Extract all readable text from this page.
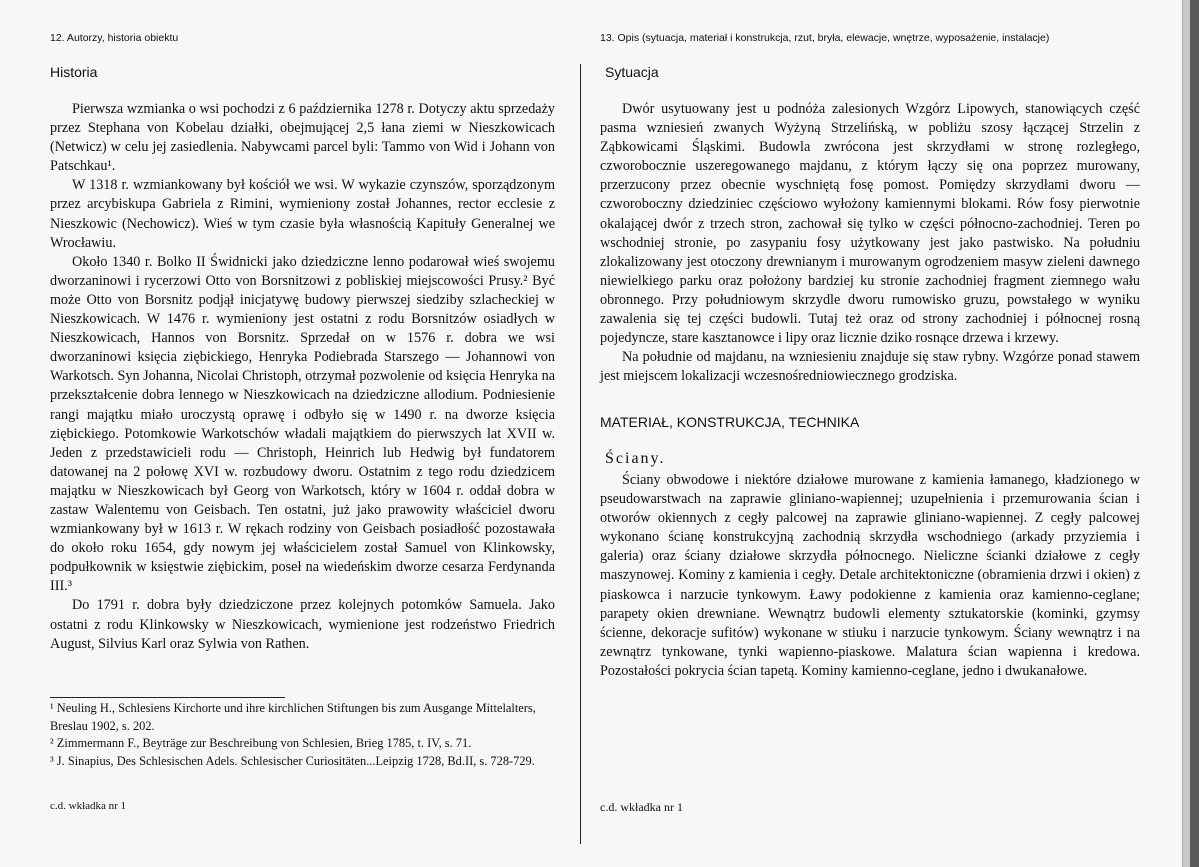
12. Autorzy, historia obiektu
Historia

Pierwsza wzmianka o wsi pochodzi z 6 października 1278 r. Dotyczy aktu sprzedaży przez Stephana von Kobelau działki, obejmującej 2,5 łana ziemi w Nieszkowicach (Netwicz) w celu jej zasiedlenia. Nabywcami parcel byli: Tammo von Wid i Johann von Patschkau¹.

W 1318 r. wzmiankowany był kościół we wsi. W wykazie czynszów, sporządzonym przez arcybiskupa Gabriela z Rimini, wymieniony został Johannes, rector ecclesie z Nieszkowic (Nechowicz). Wieś w tym czasie była własnością Kapituły Generalnej we Wrocławiu.

Około 1340 r. Bolko II Świdnicki jako dziedziczne lenno podarował wieś swojemu dworzaninowi i rycerzowi Otto von Borsnitzowi z pobliskiej miejscowości Prusy.² Być może Otto von Borsnitz podjął inicjatywę budowy pierwszej siedziby szlacheckiej w Nieszkowicach. W 1476 r. wymieniony jest ostatni z rodu Borsnitzów osiadłych w Nieszkowicach, Hannos von Borsnitz. Sprzedał on w 1576 r. dobra we wsi dworzaninowi księcia ziębickiego, Henryka Podiebrada Starszego — Johannowi von Warkotsch. Syn Johanna, Nicolai Christoph, otrzymał pozwolenie od księcia Henryka na przekształcenie dobra lennego w Nieszkowicach na dziedziczne allodium. Podniesienie rangi majątku miało uroczystą oprawę i odbyło się w 1490 r. na dworze księcia ziębickiego. Potomkowie Warkotschów władali majątkiem do pierwszych lat XVII w. Jeden z przedstawicieli rodu — Christoph, Heinrich lub Hedwig był fundatorem datowanej na 2 połowę XVI w. rozbudowy dworu. Ostatnim z tego rodu dziedzicem majątku w Nieszkowicach był Georg von Warkotsch, który w 1604 r. oddał dobra w zastaw Walentemu von Geisbach. Ten ostatni, już jako prawowity właściciel dworu wzmiankowany był w 1613 r. W rękach rodziny von Geisbach posiadłość pozostawała do około roku 1654, gdy nowym jej właścicielem został Samuel von Klinkowsky, podpułkownik w księstwie ziębickim, poseł na wiedeńskim dworze cesarza Ferdynanda III.³

Do 1791 r. dobra były dziedziczone przez kolejnych potomków Samuela. Jako ostatni z rodu Klinkowsky w Nieszkowicach, wymienione jest rodzeństwo Friedrich August, Silvius Karl oraz Sylwia von Rathen.

¹ Neuling H., Schlesiens Kirchorte und ihre kirchlichen Stiftungen bis zum Ausgange Mittelalters, Breslau 1902, s. 202.
² Zimmermann F., Beyträge zur Beschreibung von Schlesien, Brieg 1785, t. IV, s. 71.
³ J. Sinapius, Des Schlesischen Adels. Schlesischer Curiositäten...Leipzig 1728, Bd.II, s. 728-729.
c.d. wkładka nr 1
13. Opis (sytuacja, materiał i konstrukcja, rzut, bryła, elewacje, wnętrze, wyposażenie, instalacje)
Sytuacja

Dwór usytuowany jest u podnóża zalesionych Wzgórz Lipowych, stanowiących część pasma wzniesień zwanych Wyżyną Strzelińską, w pobliżu szosy łączącej Strzelin z Ząbkowicami Śląskimi. Budowla zwrócona jest skrzydłami w stronę rozległego, czworobocznie uszeregowanego majdanu, z którym łączy się ona poprzez murowany, przerzucony przez obecnie wyschniętą fosę pomost. Pomiędzy skrzydłami dworu — czworoboczny dziedziniec częściowo wyłożony kamiennymi blokami. Rów fosy pierwotnie okalającej dwór z trzech stron, zachował się tylko w części północno-zachodniej. Teren po wschodniej stronie, po zasypaniu fosy użytkowany jest jako pastwisko. Na południu zlokalizowany jest otoczony drewnianym i murowanym ogrodzeniem masyw zieleni dawnego niewielkiego parku oraz położony bardziej ku stronie zachodniej fragment ziemnego wału obronnego. Przy południowym skrzydle dworu rumowisko gruzu, powstałego w wyniku zawalenia się tej części budowli. Tutaj też oraz od strony zachodniej i północnej rosną pojedyncze, stare kasztanowce i lipy oraz licznie dziko rosnące drzewa i krzewy.

Na południe od majdanu, na wzniesieniu znajduje się staw rybny. Wzgórze ponad stawem jest miejscem lokalizacji wczesnośredniowiecznego grodziska.

MATERIAŁ, KONSTRUKCJA, TECHNIKA
Ściany.

Ściany obwodowe i niektóre działowe murowane z kamienia łamanego, kładzionego w pseudowarstwach na zaprawie gliniano-wapiennej; uzupełnienia i przemurowania ścian i otworów okiennych z cegły palcowej na zaprawie gliniano-wapiennej. Z cegły palcowej wykonano ścianę konstrukcyjną zachodnią skrzydła wschodniego (arkady przyziemia i galeria) oraz ściany działowe skrzydła północnego. Nieliczne ścianki działowe z cegły maszynowej. Kominy z kamienia i cegły. Detale architektoniczne (obramienia drzwi i okien) z piaskowca i narzucie tynkowym. Ławy podokienne z kamienia oraz kamienno-ceglane; parapety okien drewniane. Wewnątrz budowli elementy sztukatorskie (kominki, gzymsy ścienne, dekoracje sufitów) wykonane w stiuku i narzucie tynkowym. Ściany wewnątrz i na zewnątrz tynkowane, tynki wapienno-piaskowe. Malatura ścian wapienna i kredowa. Pozostałości pokrycia ścian tapetą. Kominy kamienno-ceglane, jedno i dwukanałowe.

c.d. wkładka nr 1
